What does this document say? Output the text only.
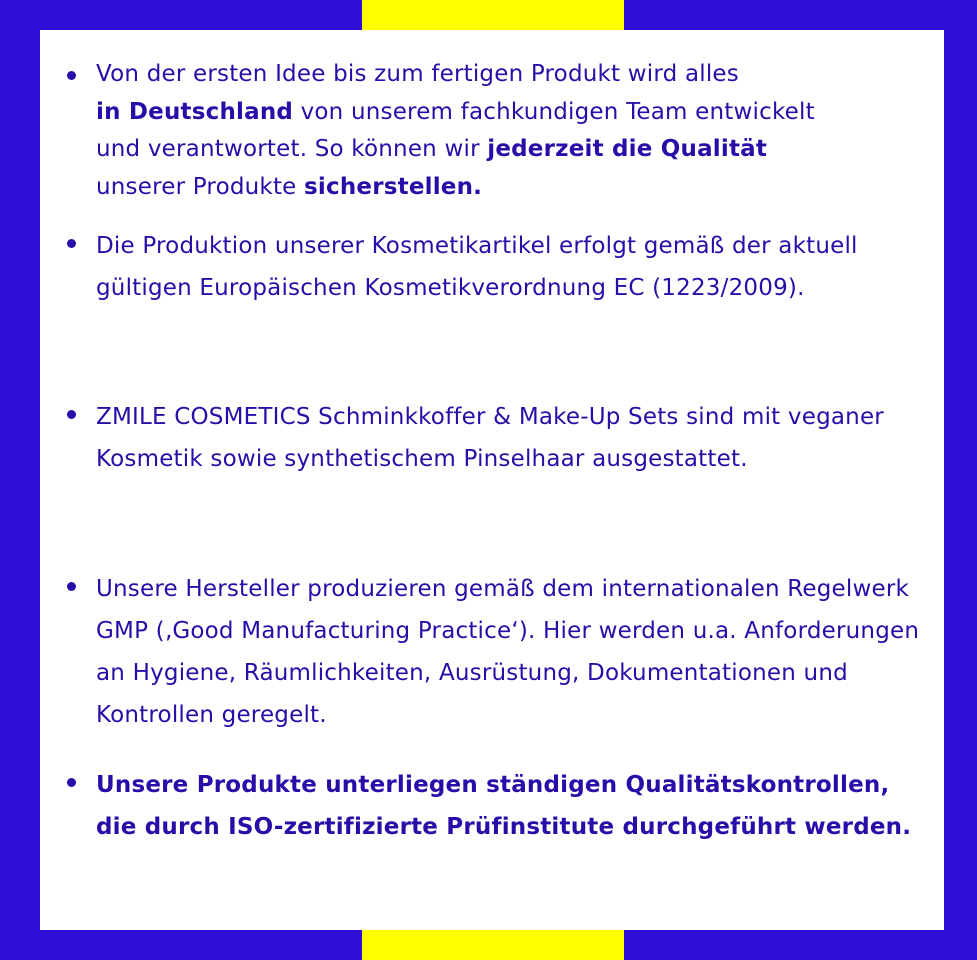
Von der ersten Idee bis zum fertigen Produkt wird alles
in Deutschland von unserem fachkundigen Team entwickelt
und verantwortet. So können wir jederzeit die Qualität
unserer Produkte sicherstellen.
Die Produktion unserer Kosmetikartikel erfolgt gemäß der aktuell gültigen Europäischen Kosmetikverordnung EC (1223/2009).
ZMILE COSMETICS Schminkkoffer & Make-Up Sets sind mit veganer Kosmetik sowie synthetischem Pinselhaar ausgestattet.
Unsere Hersteller produzieren gemäß dem internationalen Regelwerk GMP (‚Good Manufacturing Practice‘). Hier werden u.a. Anforderungen an Hygiene, Räumlichkeiten, Ausrüstung, Dokumentationen und Kontrollen geregelt.
Unsere Produkte unterliegen ständigen Qualitätskontrollen, die durch ISO-zertifizierte Prüfinstitute durchgeführt werden.
